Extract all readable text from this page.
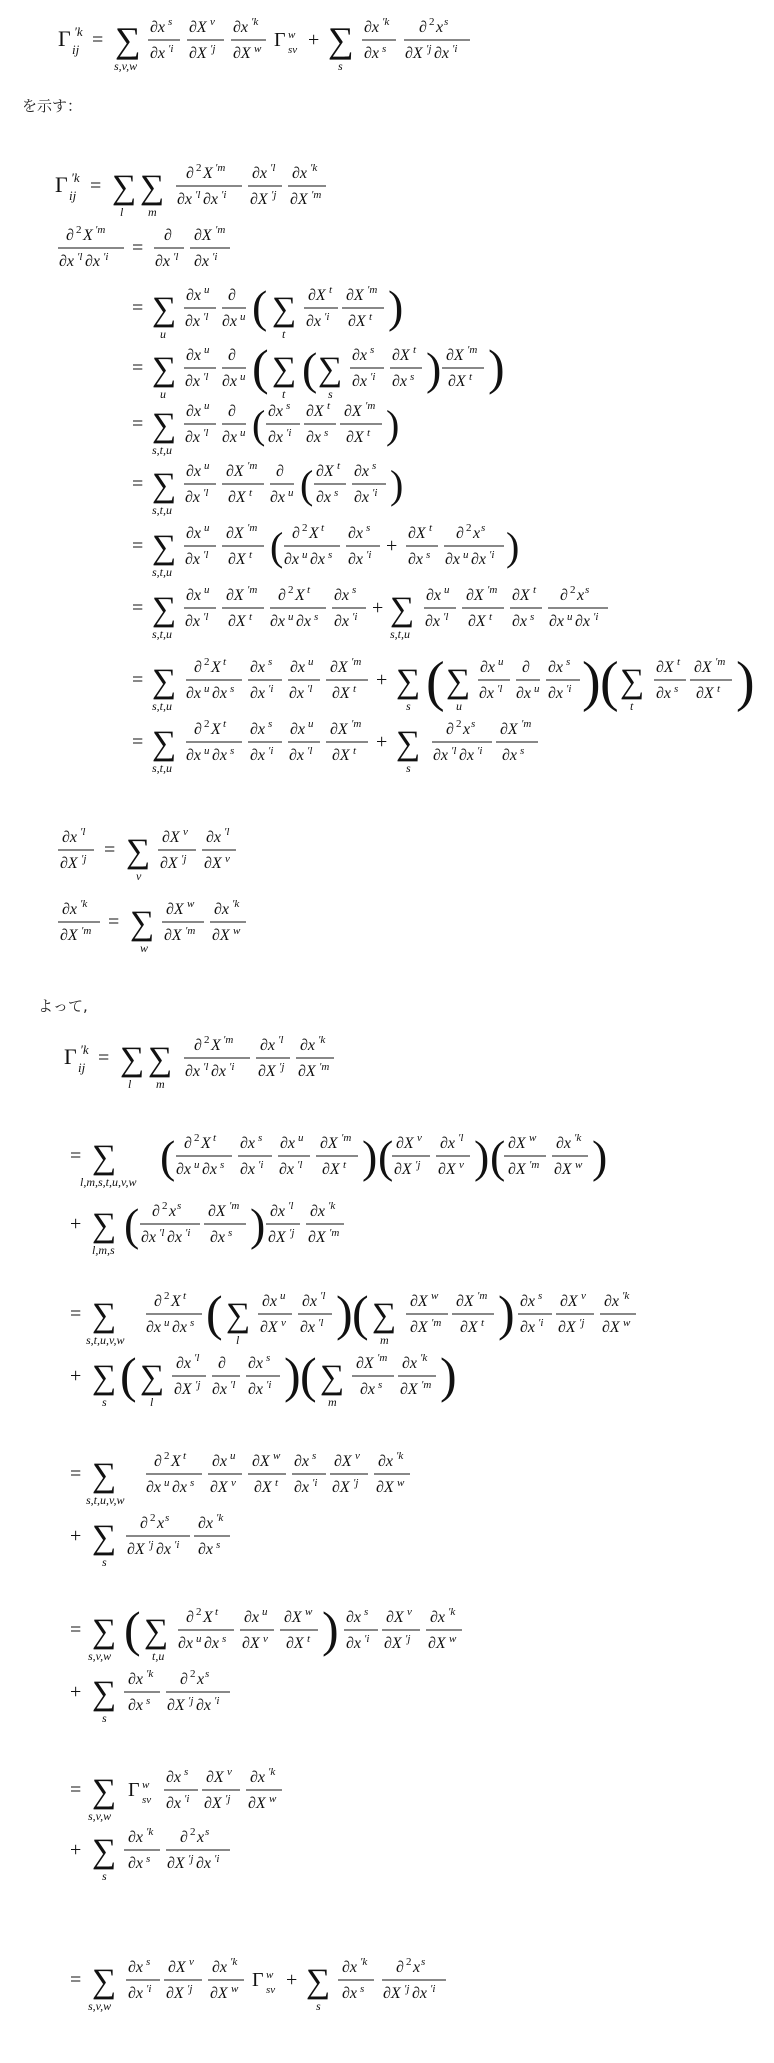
Γ ′k
ij = ∑
s,v,w
∂x s
∂x ′i
∂X v
∂X ′j
∂x ′k
∂X w Γ w
sv + ∑
s
∂x ′k
∂x s
∂ 2 x s
∂X ′j ∂x ′i
を示す：
Γ ′k
ij = ∑
l
∑
m
∂ 2 X ′m
∂x ′l ∂x ′i
∂x ′l
∂X ′j
∂x ′k
∂X ′m
∂ 2 X ′m
∂x ′l ∂x ′i =
∂
∂x ′l
∂X ′m
∂x ′i
= ∑
u
∂x u
∂x ′l
∂
∂x u ( ∑
t
∂X t
∂x ′i
∂X ′m
∂X t )
= ∑
u
∂x u
∂x ′l
∂
∂x u ( ∑
t ( ∑
s
∂x s
∂x ′i
∂X t
∂x s ) ∂X ′m
∂X t )
= ∑
s,t,u
∂x u
∂x ′l
∂
∂x u ( ∂x s
∂x ′i
∂X t
∂x s
∂X ′m
∂X t )
= ∑
s,t,u
∂x u
∂x ′l
∂X ′m
∂X t
∂
∂x u ( ∂X t
∂x s
∂x s
∂x ′i )
= ∑
s,t,u
∂x u
∂x ′l
∂X ′m
∂X t ( ∂ 2 X t
∂x u ∂x s
∂x s
∂x ′i +
∂X t
∂x s
∂ 2 x s
∂x u ∂x ′i )
= ∑
s,t,u
∂x u
∂x ′l
∂X ′m
∂X t
∂ 2 X t
∂x u ∂x s
∂x s
∂x ′i + ∑
s,t,u
∂x u
∂x ′l
∂X ′m
∂X t
∂X t
∂x s
∂ 2 x s
∂x u ∂x ′i
= ∑
s,t,u
∂ 2 X t
∂x u ∂x s
∂x s
∂x ′i
∂x u
∂x ′l
∂X ′m
∂X t + ∑
s ( ∑
u
∂x u
∂x ′l
∂
∂x u
∂x s
∂x ′i ) ( ∑
t
∂X t
∂x s
∂X ′m
∂X t )
= ∑
s,t,u
∂ 2 X t
∂x u ∂x s
∂x s
∂x ′i
∂x u
∂x ′l
∂X ′m
∂X t + ∑
s
∂ 2 x s
∂x ′l ∂x ′i
∂X ′m
∂x s
∂x ′l
∂X ′j = ∑
v
∂X v
∂X ′j
∂x ′l
∂X v
∂x ′k
∂X ′m = ∑
w
∂X w
∂X ′m
∂x ′k
∂X w
よって,
Γ ′k
ij = ∑
l
∑
m
∂ 2 X ′m
∂x ′l ∂x ′i
∂x ′l
∂X ′j
∂x ′k
∂X ′m
= ∑
l,m,s,t,u,v,w ( ∂ 2 X t
∂x u ∂x s
∂x s
∂x ′i
∂x u
∂x ′l
∂X ′m
∂X t ) ( ∂X v
∂X ′j
∂x ′l
∂X v ) ( ∂X w
∂X ′m
∂x ′k
∂X w )
+ ∑
l,m,s ( ∂ 2 x s
∂x ′l ∂x ′i
∂X ′m
∂x s ) ∂x ′l
∂X ′j
∂x ′k
∂X ′m
= ∑
s,t,u,v,w
∂ 2 X t
∂x u ∂x s ( ∑
l
∂x u
∂X v
∂x ′l
∂x ′l ) ( ∑
m
∂X w
∂X ′m
∂X ′m
∂X t ) ∂x s
∂x ′i
∂X v
∂X ′j
∂x ′k
∂X w
+ ∑
s ( ∑
l
∂x ′l
∂X ′j
∂
∂x ′l
∂x s
∂x ′i ) ( ∑
m
∂X ′m
∂x s
∂x ′k
∂X ′m )
= ∑
s,t,u,v,w
∂ 2 X t
∂x u ∂x s
∂x u
∂X v
∂X w
∂X t
∂x s
∂x ′i
∂X v
∂X ′j
∂x ′k
∂X w
+ ∑
s
∂ 2 x s
∂X ′j ∂x ′i
∂x ′k
∂x s
= ∑
s,v,w ( ∑
t,u
∂ 2 X t
∂x u ∂x s
∂x u
∂X v
∂X w
∂X t ) ∂x s
∂x ′i
∂X v
∂X ′j
∂x ′k
∂X w
+ ∑
s
∂x ′k
∂x s
∂ 2 x s
∂X ′j ∂x ′i
= ∑
s,v,w
Γ w
sv
∂x s
∂x ′i
∂X v
∂X ′j
∂x ′k
∂X w
+ ∑
s
∂x ′k
∂x s
∂ 2 x s
∂X ′j ∂x ′i
= ∑
s,v,w
∂x s
∂x ′i
∂X v
∂X ′j
∂x ′k
∂X w Γ w
sv + ∑
s
∂x ′k
∂x s
∂ 2 x s
∂X ′j ∂x ′i
